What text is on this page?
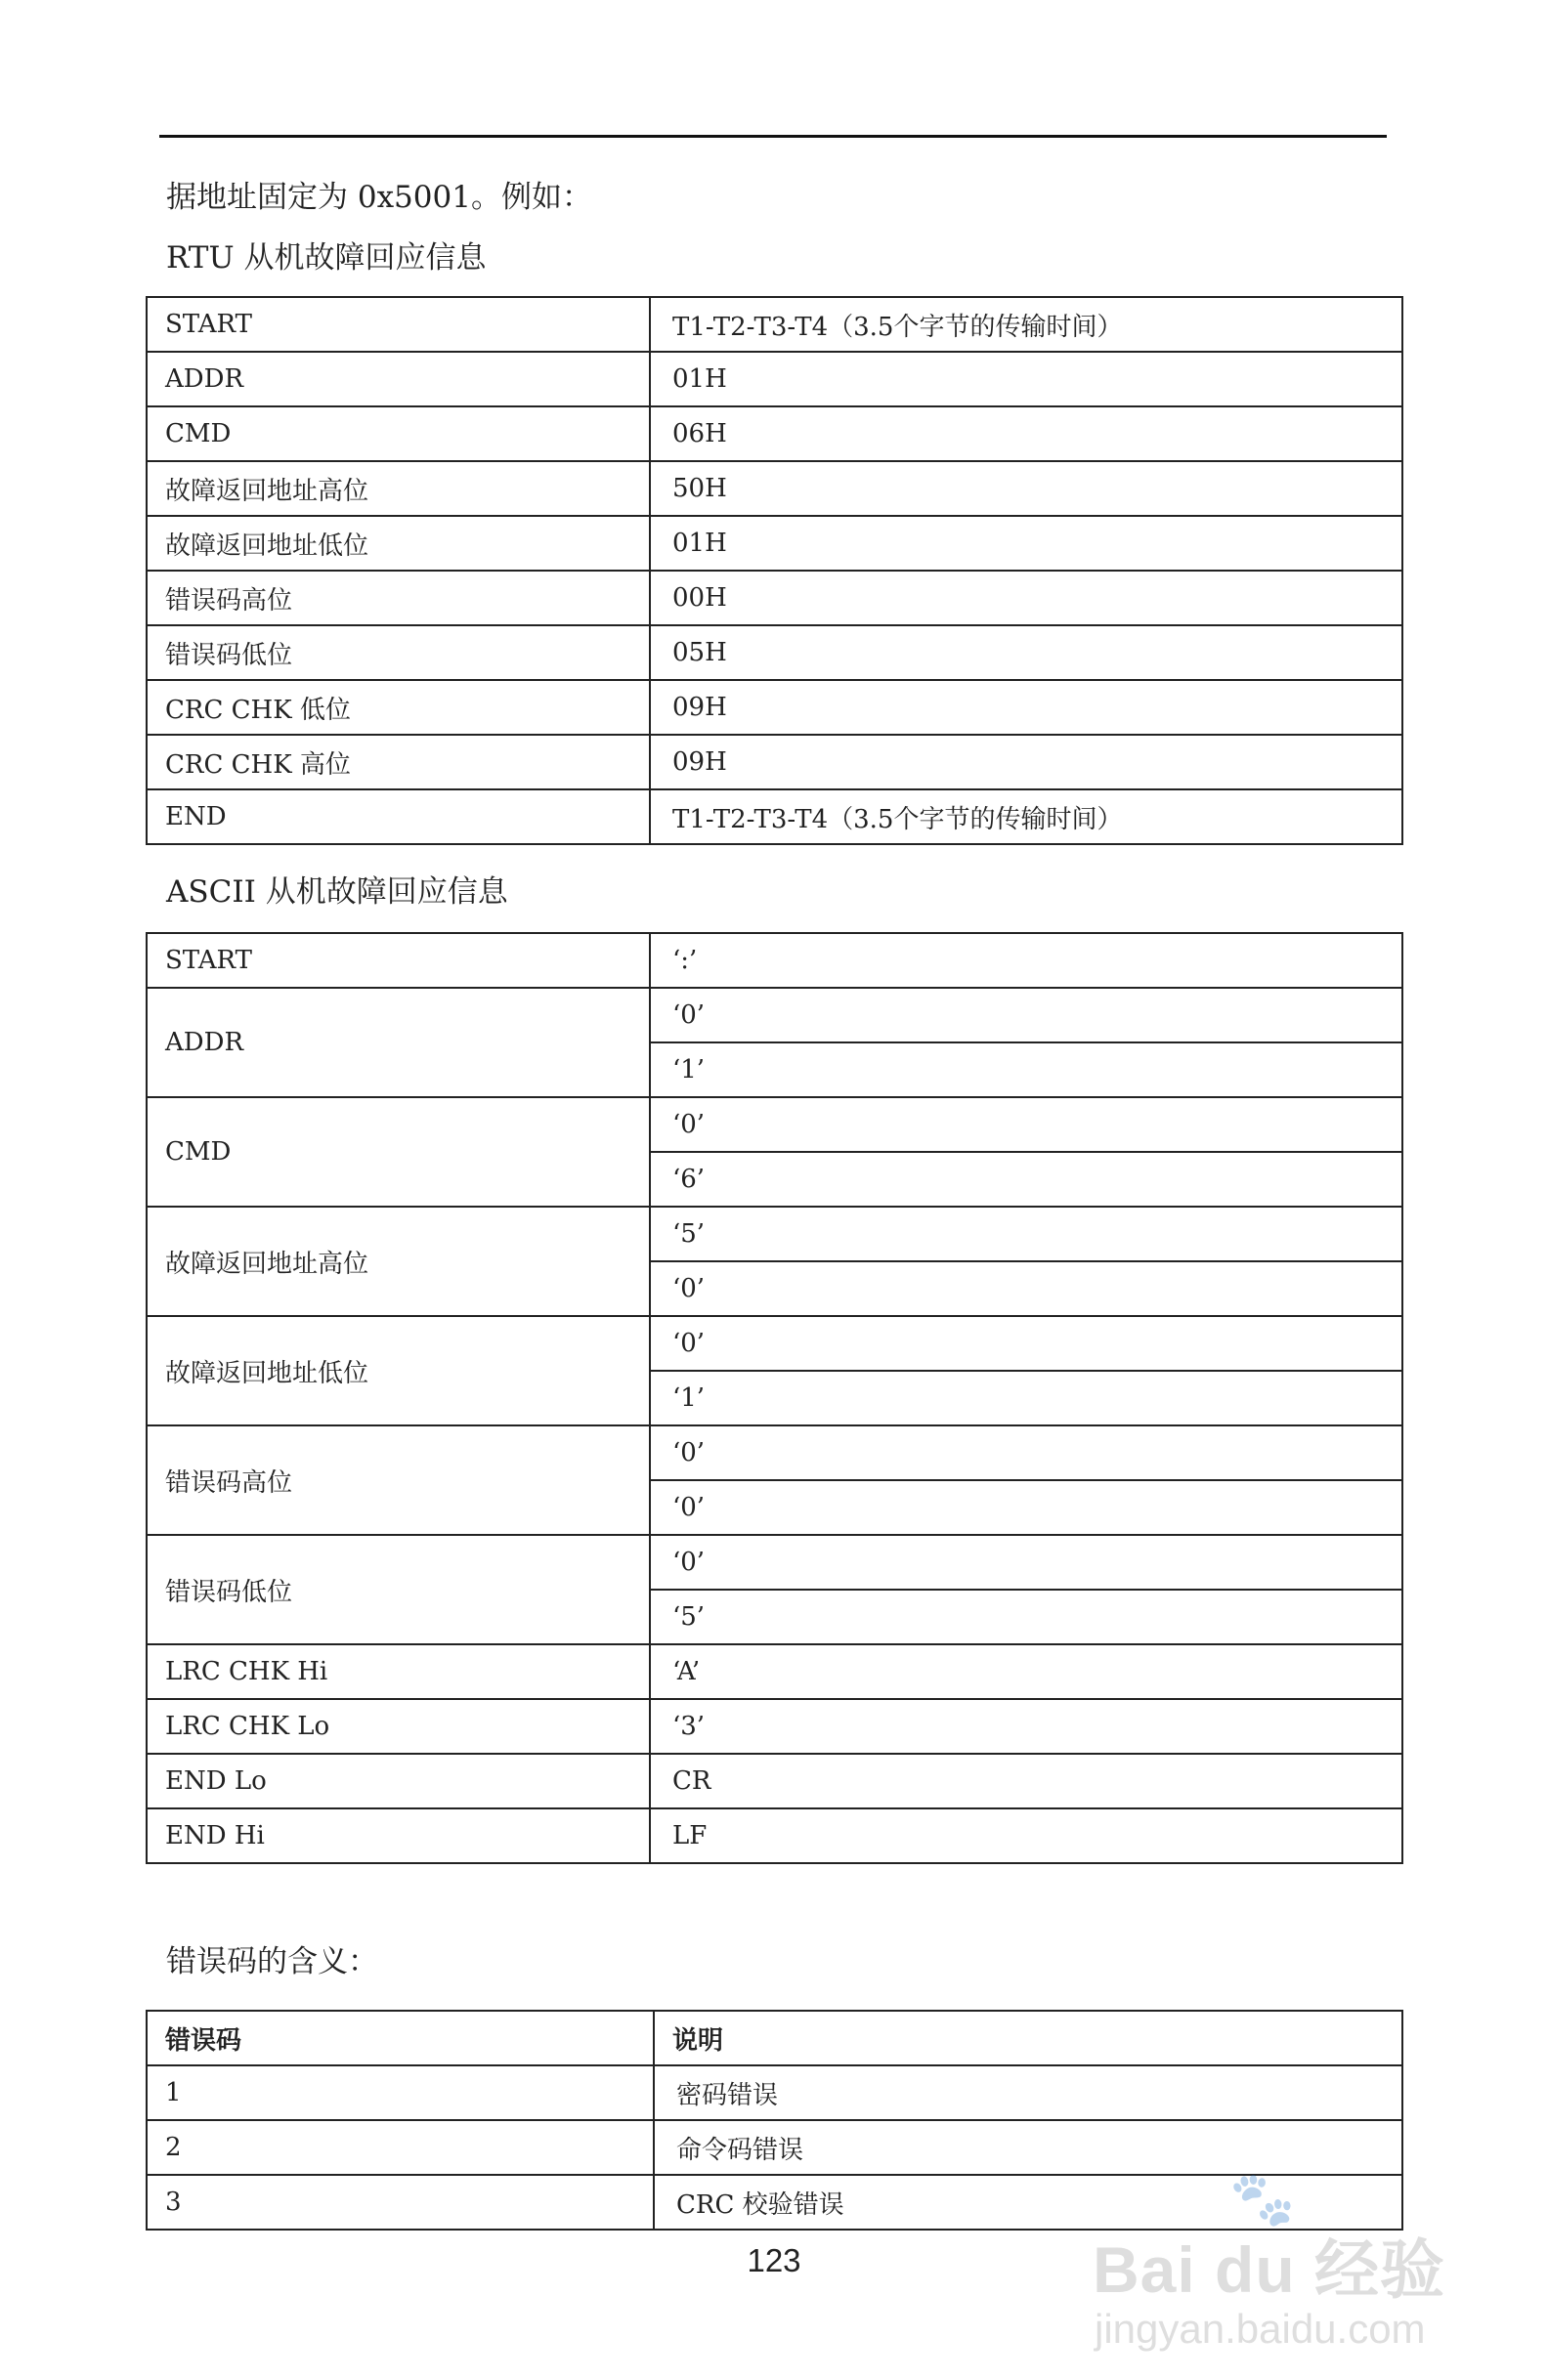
据地址固定为 0x5001。例如：
RTU 从机故障回应信息
START	T1-T2-T3-T4（3.5个字节的传输时间）
ADDR	01H
CMD	06H
故障返回地址高位	50H
故障返回地址低位	01H
错误码高位	00H
错误码低位	05H
CRC CHK 低位	09H
CRC CHK 高位	09H
END	T1-T2-T3-T4（3.5个字节的传输时间）
ASCII 从机故障回应信息
START	‘:’
ADDR	‘0’
	‘1’
CMD	‘0’
	‘6’
故障返回地址高位	‘5’
	‘0’
故障返回地址低位	‘0’
	‘1’
错误码高位	‘0’
	‘0’
错误码低位	‘0’
	‘5’
LRC CHK Hi	‘A’
LRC CHK Lo	‘3’
END Lo	CR
END Hi	LF
错误码的含义：
错误码	说明
1	密码错误
2	命令码错误
3	CRC 校验错误
123
🐾
Bai du 经验
jingyan.baidu.com
